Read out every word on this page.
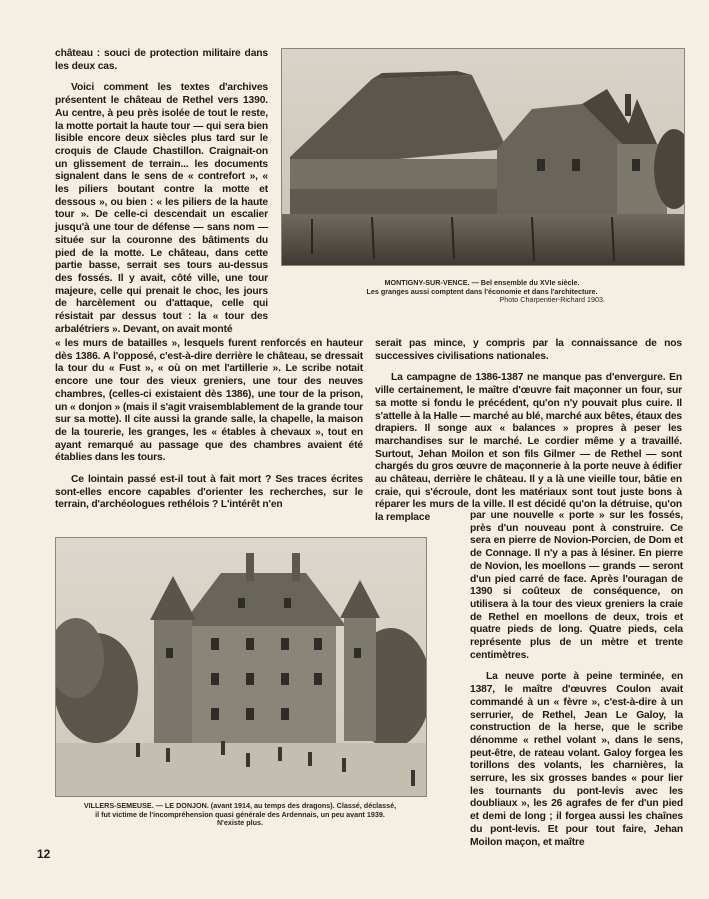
château : souci de protection militaire dans les deux cas.

Voici comment les textes d'archives présentent le château de Rethel vers 1390. Au centre, à peu près isolée de tout le reste, la motte portait la haute tour — qui sera bien lisible encore deux siècles plus tard sur le croquis de Claude Chastillon. Craignait-on un glissement de terrain... les documents signalent dans le sens de « contrefort », « les piliers boutant contre la motte et dessous », ou bien : « les piliers de la haute tour ». De celle-ci descendait un escalier jusqu'à une tour de défense — sans nom — située sur la couronne des bâtiments du pied de la motte. Le château, dans cette partie basse, serrait ses tours au-dessus des fossés. Il y avait, côté ville, une tour majeure, celle qui prenait le choc, les jours de harcèlement ou d'attaque, celle qui résistait par dessus tout : la « tour des arbalétriers ». Devant, on avait monté

MONTIGNY-SUR-VENCE. — Bel ensemble du XVIe siècle.
Les granges aussi comptent dans l'économie et dans l'architecture.
Photo Charpentier-Richard 1903.

« les murs de batailles », lesquels furent renforcés en hauteur dès 1386. A l'opposé, c'est-à-dire derrière le château, se dressait la tour du « Fust », « où on met l'artillerie ». Le scribe notait encore une tour des vieux greniers, une tour des neuves chambres, (celles-ci existaient dès 1386), une tour de la prison, un « donjon » (mais il s'agit vraisemblablement de la grande tour sur sa motte). Il cite aussi la grande salle, la chapelle, la maison de la tourerie, les granges, les « étables à chevaux », tout en ayant remarqué au passage que des chambres avaient été établies dans les tours.

Ce lointain passé est-il tout à fait mort ? Ses traces écrites sont-elles encore capables d'orienter les recherches, sur le terrain, d'archéologues rethélois ? L'intérêt n'en

serait pas mince, y compris par la connaissance de nos successives civilisations nationales.

La campagne de 1386-1387 ne manque pas d'envergure. En ville certainement, le maître d'œuvre fait maçonner un four, sur sa motte si fondu le précédent, qu'on n'y pouvait plus cuire. Il s'attelle à la Halle — marché au blé, marché aux bêtes, étaux des drapiers. Il songe aux « balances » propres à peser les marchandises sur le marché. Le cordier même y a travaillé. Surtout, Jehan Moilon et son fils Gilmer — de Rethel — sont chargés du gros œuvre de maçonnerie à la porte neuve à édifier au château, derrière le château. Il y a là une vieille tour, bâtie en craie, qui s'écroule, dont les matériaux sont tout juste bons à réparer les murs de la ville. Il est décidé qu'on la détruise, qu'on la remplace

VILLERS-SEMEUSE. — LE DONJON. (avant 1914, au temps des dragons). Classé, déclassé,
il fut victime de l'incompréhension quasi générale des Ardennais, un peu avant 1939.
N'existe plus.

par une nouvelle « porte » sur les fossés, près d'un nouveau pont à construire. Ce sera en pierre de Novion-Porcien, de Dom et de Connage. Il n'y a pas à lésiner. En pierre de Novion, les moellons — grands — seront d'un pied carré de face. Après l'ouragan de 1390 si coûteux de conséquence, on utilisera à la tour des vieux greniers la craie de Rethel en moellons de deux, trois et quatre pieds de long. Quatre pieds, cela représente plus de un mètre et trente centimètres.

La neuve porte à peine terminée, en 1387, le maître d'œuvres Coulon avait commandé à un « fèvre », c'est-à-dire à un serrurier, de Rethel, Jean Le Galoy, la construction de la herse, que le scribe dénomme « rethel volant », dans le sens, peut-être, de rateau volant. Galoy forgea les torillons des volants, les charnières, la serrure, les six grosses bandes « pour lier les tournants du pont-levis avec les doubliaux », les 26 agrafes de fer d'un pied et demi de long ; il forgea aussi les chaînes du pont-levis. Et pour tout faire, Jehan Moilon maçon, et maître

12
